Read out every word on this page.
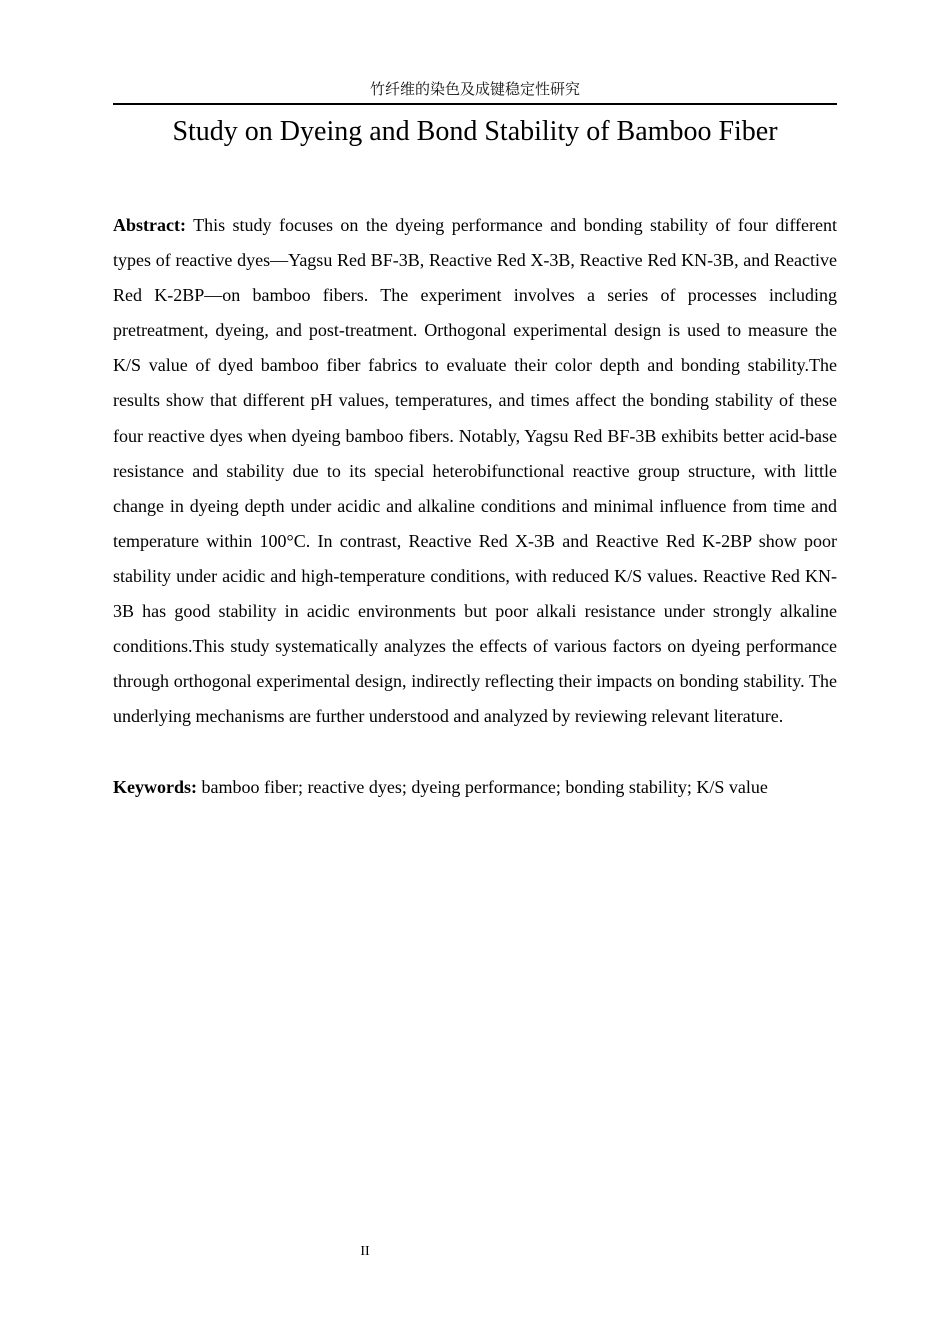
竹纤维的染色及成键稳定性研究
Study on Dyeing and Bond Stability of Bamboo Fiber

Abstract: This study focuses on the dyeing performance and bonding stability of four different types of reactive dyes—Yagsu Red BF-3B, Reactive Red X-3B, Reactive Red KN-3B, and Reactive Red K-2BP—on bamboo fibers. The experiment involves a series of processes including pretreatment, dyeing, and post-treatment. Orthogonal experimental design is used to measure the K/S value of dyed bamboo fiber fabrics to evaluate their color depth and bonding stability.The results show that different pH values, temperatures, and times affect the bonding stability of these four reactive dyes when dyeing bamboo fibers. Notably, Yagsu Red BF-3B exhibits better acid-base resistance and stability due to its special heterobifunctional reactive group structure, with little change in dyeing depth under acidic and alkaline conditions and minimal influence from time and temperature within 100°C. In contrast, Reactive Red X-3B and Reactive Red K-2BP show poor stability under acidic and high-temperature conditions, with reduced K/S values. Reactive Red KN-3B has good stability in acidic environments but poor alkali resistance under strongly alkaline conditions.This study systematically analyzes the effects of various factors on dyeing performance through orthogonal experimental design, indirectly reflecting their impacts on bonding stability. The underlying mechanisms are further understood and analyzed by reviewing relevant literature.

Keywords: bamboo fiber; reactive dyes; dyeing performance; bonding stability; K/S value

II
